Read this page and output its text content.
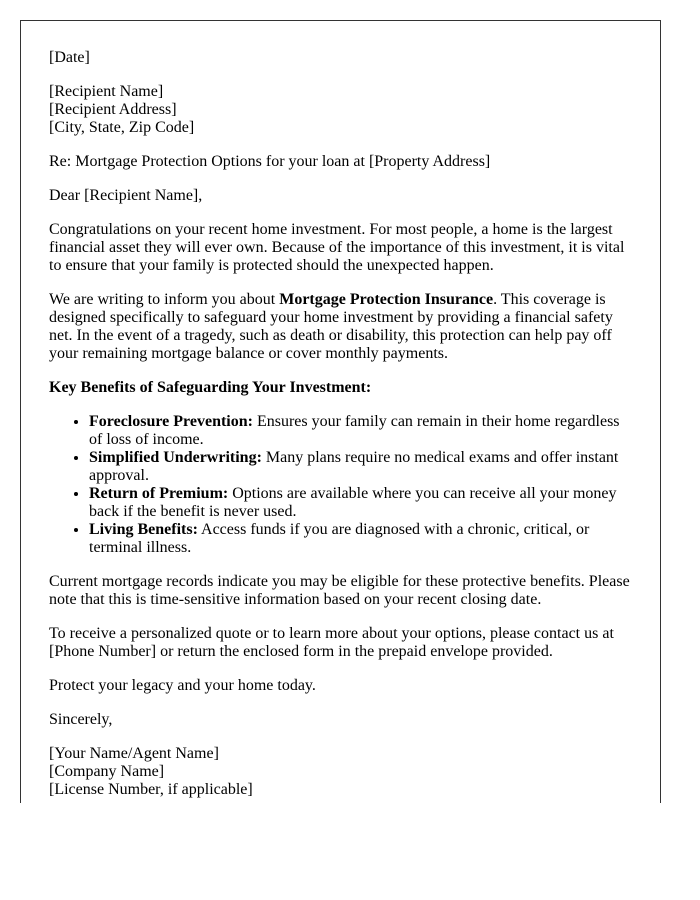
[Date]

[Recipient Name]
[Recipient Address]
[City, State, Zip Code]

Re: Mortgage Protection Options for your loan at [Property Address]

Dear [Recipient Name],

Congratulations on your recent home investment. For most people, a home is the largest financial asset they will ever own. Because of the importance of this investment, it is vital to ensure that your family is protected should the unexpected happen.

We are writing to inform you about Mortgage Protection Insurance. This coverage is designed specifically to safeguard your home investment by providing a financial safety net. In the event of a tragedy, such as death or disability, this protection can help pay off your remaining mortgage balance or cover monthly payments.

Key Benefits of Safeguarding Your Investment:

• Foreclosure Prevention: Ensures your family can remain in their home regardless of loss of income.
• Simplified Underwriting: Many plans require no medical exams and offer instant approval.
• Return of Premium: Options are available where you can receive all your money back if the benefit is never used.
• Living Benefits: Access funds if you are diagnosed with a chronic, critical, or terminal illness.

Current mortgage records indicate you may be eligible for these protective benefits. Please note that this is time-sensitive information based on your recent closing date.

To receive a personalized quote or to learn more about your options, please contact us at [Phone Number] or return the enclosed form in the prepaid envelope provided.

Protect your legacy and your home today.

Sincerely,

[Your Name/Agent Name]
[Company Name]
[License Number, if applicable]
